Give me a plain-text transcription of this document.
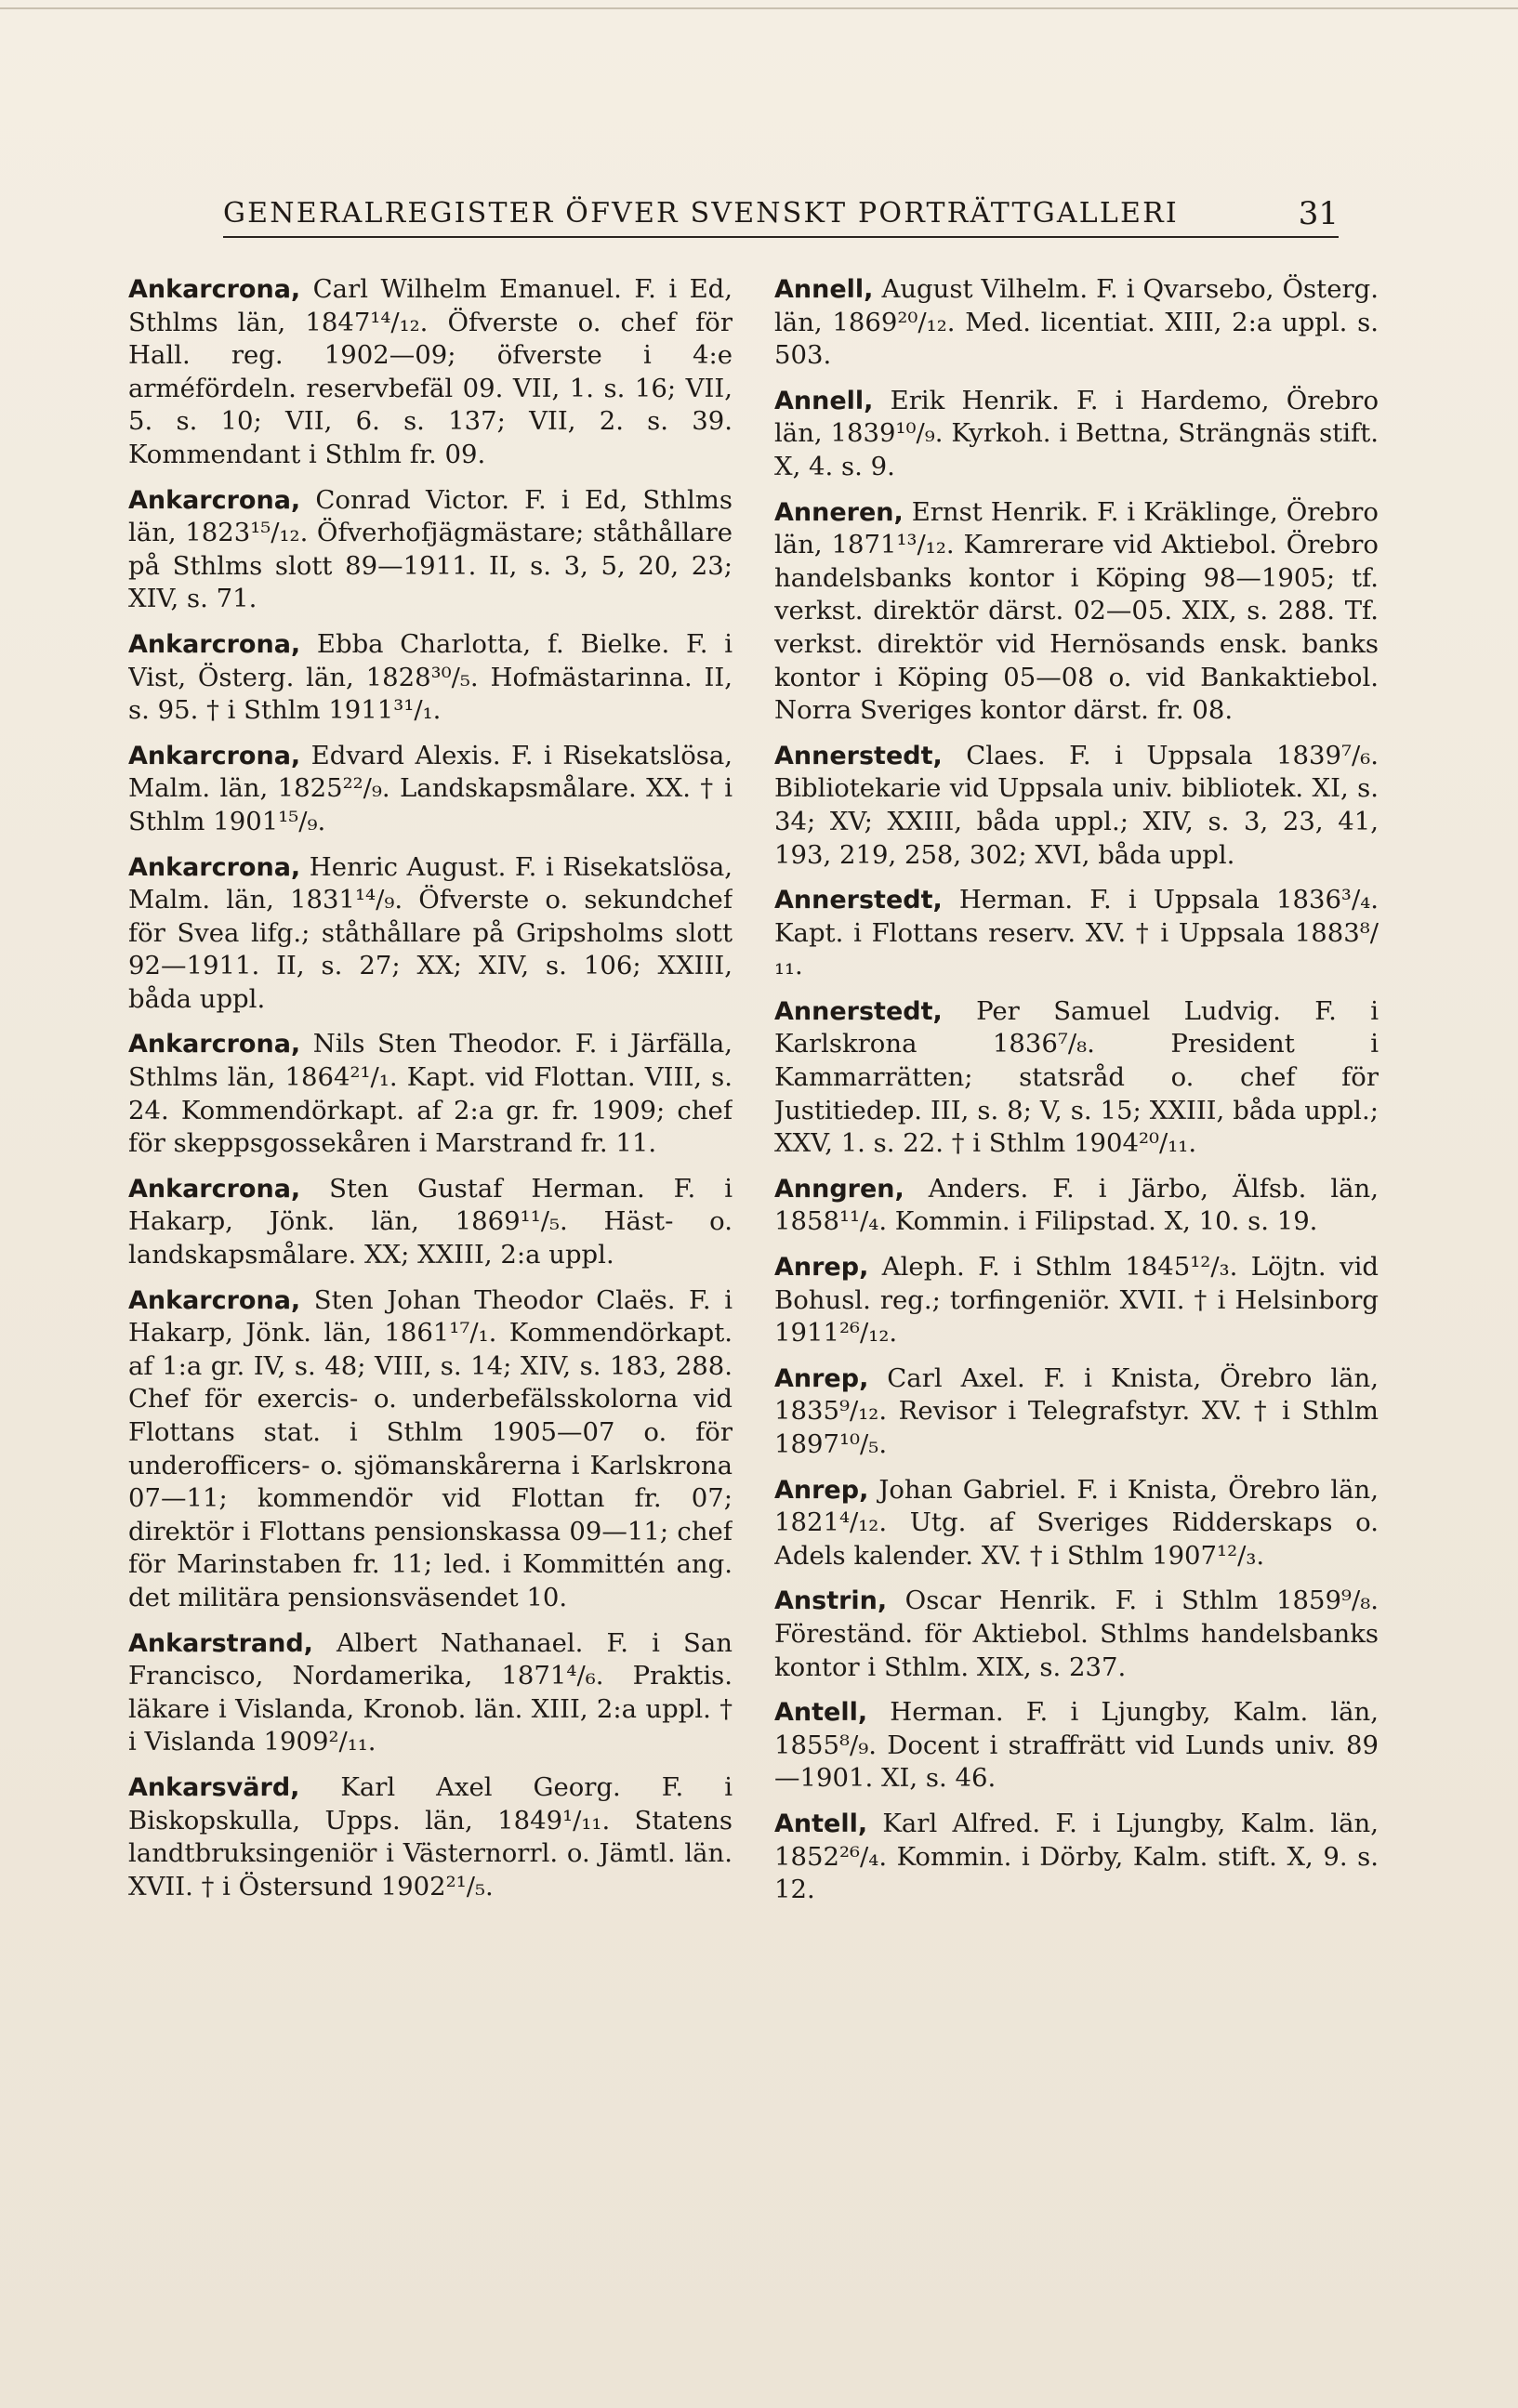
GENERALREGISTER ÖFVER SVENSKT PORTRÄTTGALLERI	31

Ankarcrona, Carl Wilhelm Emanuel. F. i Ed, Sthlms län, 1847¹⁴/₁₂. Öfverste o. chef för Hall. reg. 1902—09; öfverste i 4:e arméfördeln. reservbefäl 09. VII, 1. s. 16; VII, 5. s. 10; VII, 6. s. 137; VII, 2. s. 39. Kommendant i Sthlm fr. 09.

Ankarcrona, Conrad Victor. F. i Ed, Sthlms län, 1823¹⁵/₁₂. Öfverhofjägmästare; ståthållare på Sthlms slott 89—1911. II, s. 3, 5, 20, 23; XIV, s. 71.

Ankarcrona, Ebba Charlotta, f. Bielke. F. i Vist, Österg. län, 1828³⁰/₅. Hofmästarinna. II, s. 95. † i Sthlm 1911³¹/₁.

Ankarcrona, Edvard Alexis. F. i Risekatslösa, Malm. län, 1825²²/₉. Landskapsmålare. XX. † i Sthlm 1901¹⁵/₉.

Ankarcrona, Henric August. F. i Risekatslösa, Malm. län, 1831¹⁴/₉. Öfverste o. sekundchef för Svea lifg.; ståthållare på Gripsholms slott 92—1911. II, s. 27; XX; XIV, s. 106; XXIII, båda uppl.

Ankarcrona, Nils Sten Theodor. F. i Järfälla, Sthlms län, 1864²¹/₁. Kapt. vid Flottan. VIII, s. 24. Kommendörkapt. af 2:a gr. fr. 1909; chef för skeppsgossekåren i Marstrand fr. 11.

Ankarcrona, Sten Gustaf Herman. F. i Hakarp, Jönk. län, 1869¹¹/₅. Häst- o. landskapsmålare. XX; XXIII, 2:a uppl.

Ankarcrona, Sten Johan Theodor Claës. F. i Hakarp, Jönk. län, 1861¹⁷/₁. Kommendörkapt. af 1:a gr. IV, s. 48; VIII, s. 14; XIV, s. 183, 288. Chef för exercis- o. underbefälsskolorna vid Flottans stat. i Sthlm 1905—07 o. för underofficers- o. sjömanskårerna i Karlskrona 07—11; kommendör vid Flottan fr. 07; direktör i Flottans pensionskassa 09—11; chef för Marinstaben fr. 11; led. i Kommittén ang. det militära pensionsväsendet 10.

Ankarstrand, Albert Nathanael. F. i San Francisco, Nordamerika, 1871⁴/₆. Praktis. läkare i Vislanda, Kronob. län. XIII, 2:a uppl. † i Vislanda 1909²/₁₁.

Ankarsvärd, Karl Axel Georg. F. i Biskopskulla, Upps. län, 1849¹/₁₁. Statens landtbruksingeniör i Västernorrl. o. Jämtl. län. XVII. † i Östersund 1902²¹/₅.

Annell, August Vilhelm. F. i Qvarsebo, Österg. län, 1869²⁰/₁₂. Med. licentiat. XIII, 2:a uppl. s. 503.

Annell, Erik Henrik. F. i Hardemo, Örebro län, 1839¹⁰/₉. Kyrkoh. i Bettna, Strängnäs stift. X, 4. s. 9.

Anneren, Ernst Henrik. F. i Kräklinge, Örebro län, 1871¹³/₁₂. Kamrerare vid Aktiebol. Örebro handelsbanks kontor i Köping 98—1905; tf. verkst. direktör därst. 02—05. XIX, s. 288. Tf. verkst. direktör vid Hernösands ensk. banks kontor i Köping 05—08 o. vid Bankaktiebol. Norra Sveriges kontor därst. fr. 08.

Annerstedt, Claes. F. i Uppsala 1839⁷/₆. Bibliotekarie vid Uppsala univ. bibliotek. XI, s. 34; XV; XXIII, båda uppl.; XIV, s. 3, 23, 41, 193, 219, 258, 302; XVI, båda uppl.

Annerstedt, Herman. F. i Uppsala 1836³/₄. Kapt. i Flottans reserv. XV. † i Uppsala 1883⁸/₁₁.

Annerstedt, Per Samuel Ludvig. F. i Karlskrona 1836⁷/₈. President i Kammarrätten; statsråd o. chef för Justitiedep. III, s. 8; V, s. 15; XXIII, båda uppl.; XXV, 1. s. 22. † i Sthlm 1904²⁰/₁₁.

Anngren, Anders. F. i Järbo, Älfsb. län, 1858¹¹/₄. Kommin. i Filipstad. X, 10. s. 19.

Anrep, Aleph. F. i Sthlm 1845¹²/₃. Löjtn. vid Bohusl. reg.; torfingeniör. XVII. † i Helsinborg 1911²⁶/₁₂.

Anrep, Carl Axel. F. i Knista, Örebro län, 1835⁹/₁₂. Revisor i Telegrafstyr. XV. † i Sthlm 1897¹⁰/₅.

Anrep, Johan Gabriel. F. i Knista, Örebro län, 1821⁴/₁₂. Utg. af Sveriges Ridderskaps o. Adels kalender. XV. † i Sthlm 1907¹²/₃.

Anstrin, Oscar Henrik. F. i Sthlm 1859⁹/₈. Föreständ. för Aktiebol. Sthlms handelsbanks kontor i Sthlm. XIX, s. 237.

Antell, Herman. F. i Ljungby, Kalm. län, 1855⁸/₉. Docent i straffrätt vid Lunds univ. 89—1901. XI, s. 46.

Antell, Karl Alfred. F. i Ljungby, Kalm. län, 1852²⁶/₄. Kommin. i Dörby, Kalm. stift. X, 9. s. 12.
